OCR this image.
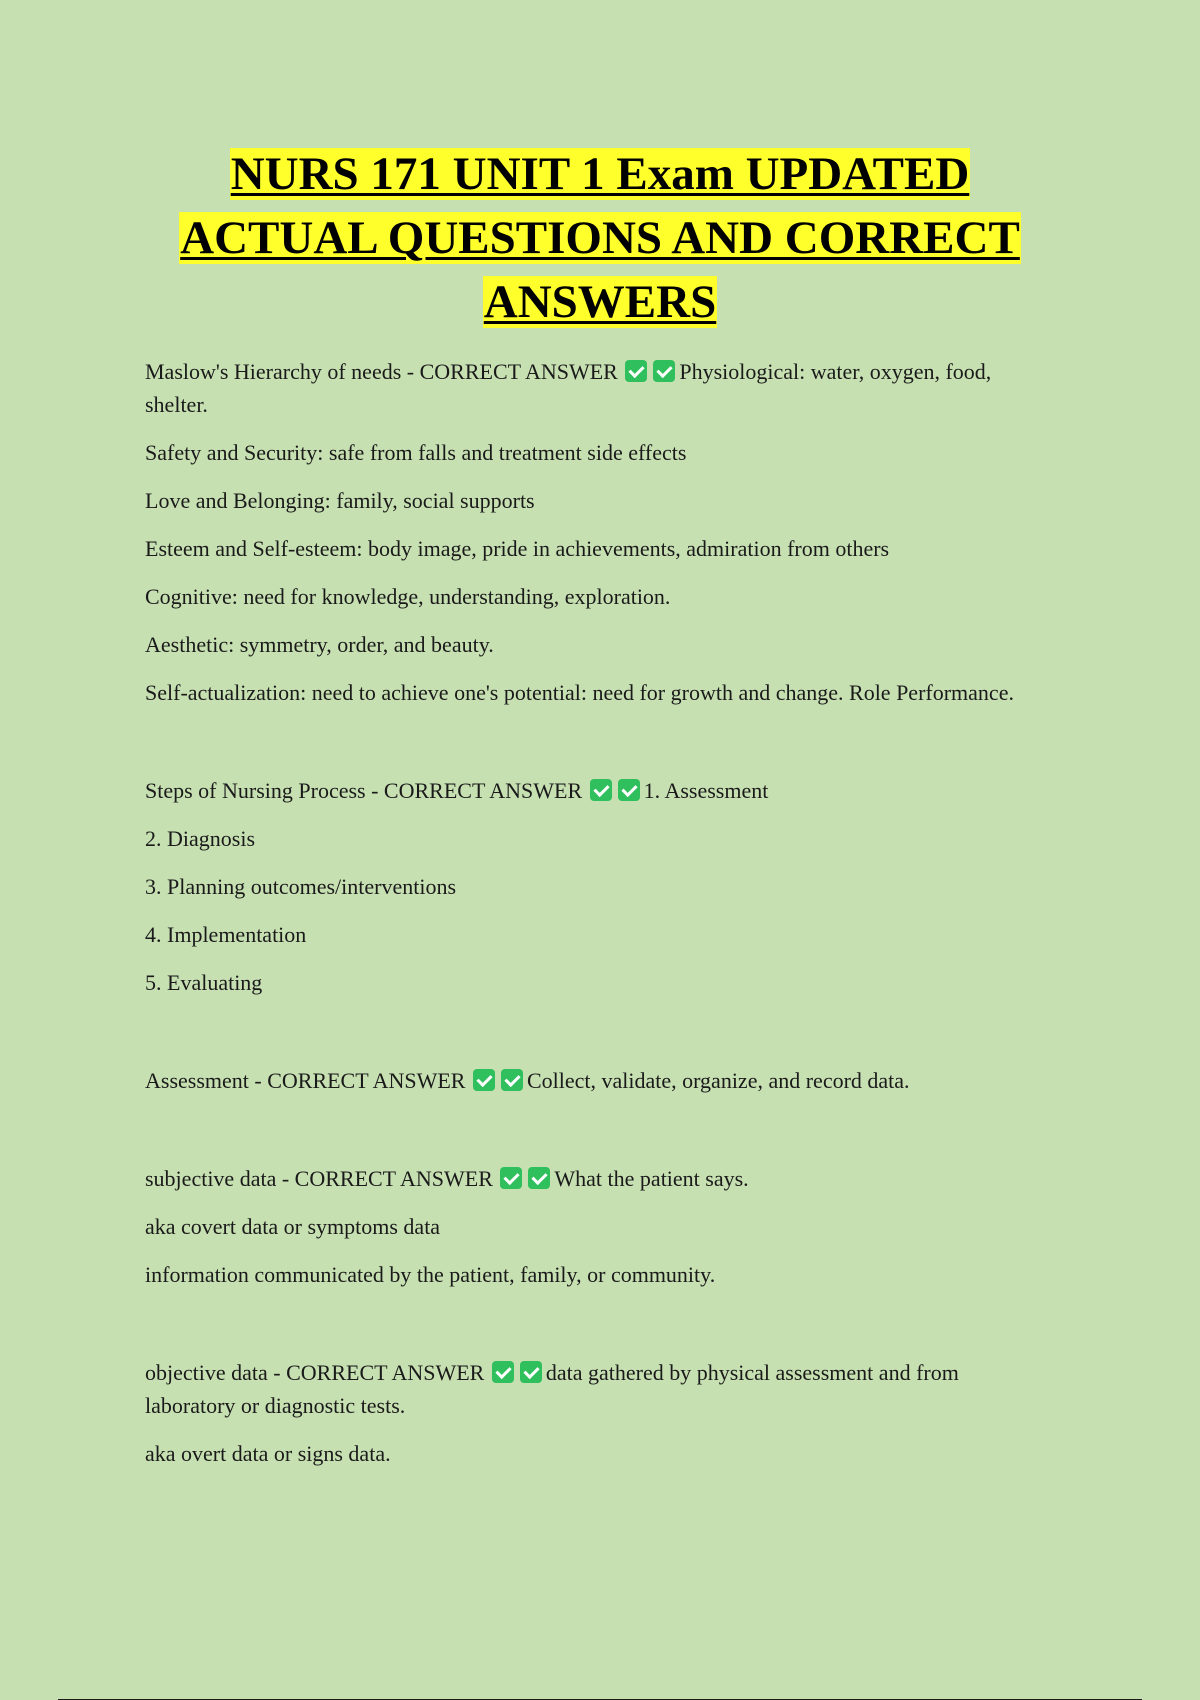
NURS 171 UNIT 1 Exam UPDATED
ACTUAL QUESTIONS AND CORRECT
ANSWERS

Maslow's Hierarchy of needs - CORRECT ANSWER	Physiological: water, oxygen, food, shelter.

Safety and Security: safe from falls and treatment side effects

Love and Belonging: family, social supports

Esteem and Self-esteem: body image, pride in achievements, admiration from others

Cognitive: need for knowledge, understanding, exploration.

Aesthetic: symmetry, order, and beauty.

Self-actualization: need to achieve one's potential: need for growth and change. Role Performance.

Steps of Nursing Process - CORRECT ANSWER	1. Assessment

2. Diagnosis

3. Planning outcomes/interventions

4. Implementation

5. Evaluating

Assessment - CORRECT ANSWER	Collect, validate, organize, and record data.

subjective data - CORRECT ANSWER	What the patient says.

aka covert data or symptoms data

information communicated by the patient, family, or community.

objective data - CORRECT ANSWER	data gathered by physical assessment and from laboratory or diagnostic tests.

aka overt data or signs data.
